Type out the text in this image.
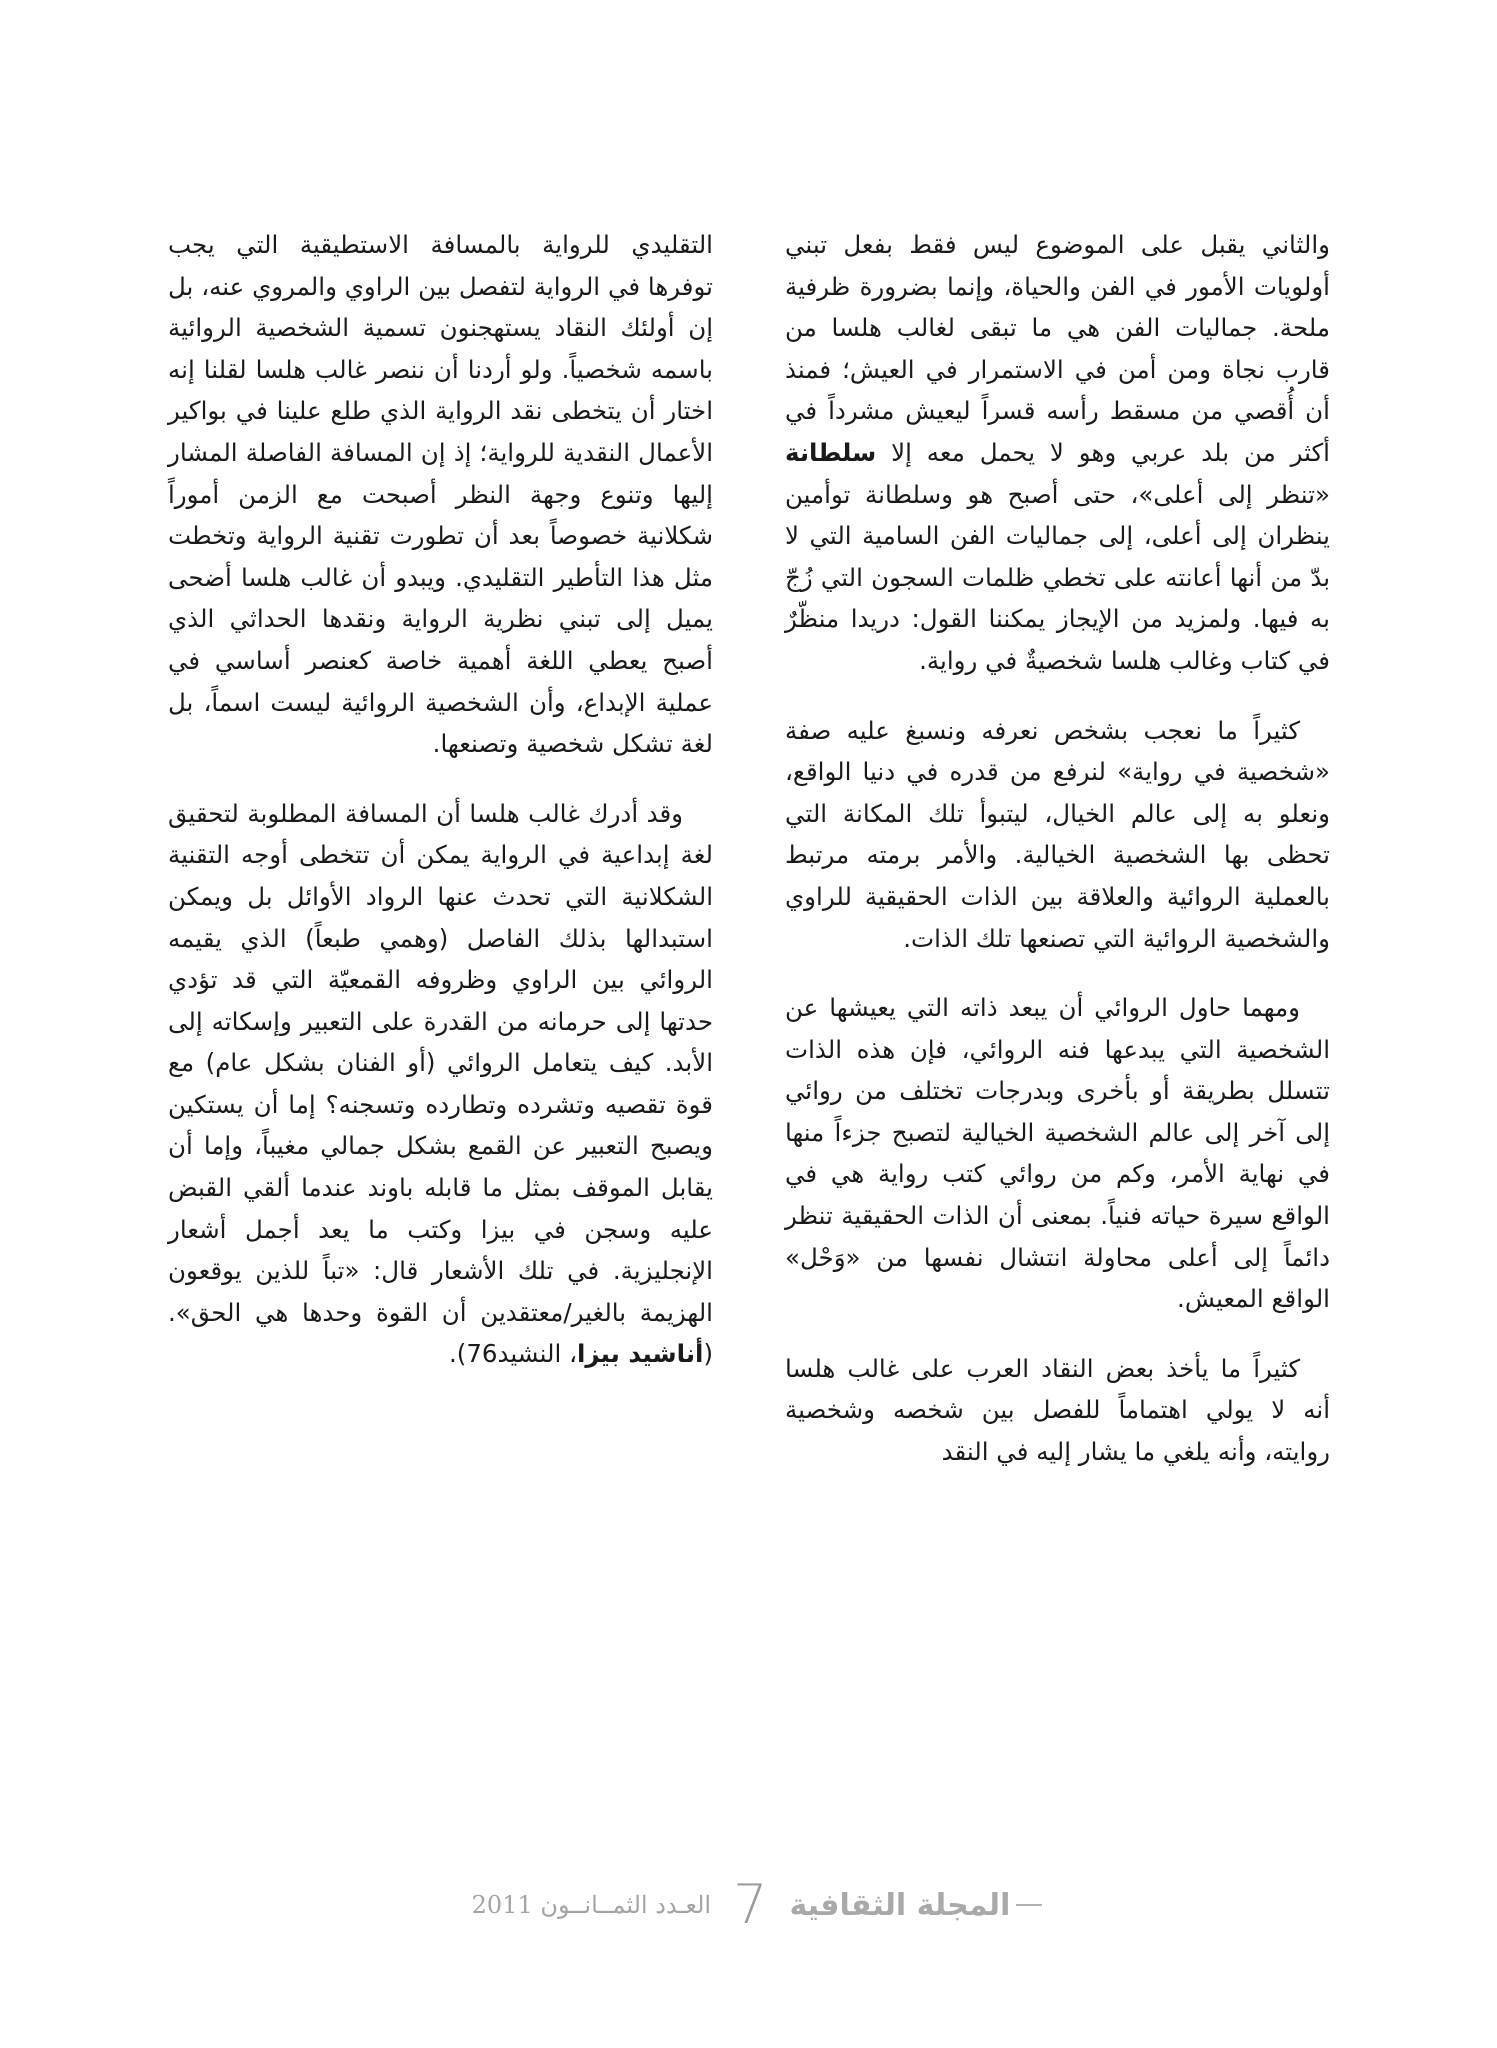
والثاني يقبل على الموضوع ليس فقط بفعل تبني أولويات الأمور في الفن والحياة، وإنما بضرورة ظرفية ملحة. جماليات الفن هي ما تبقى لغالب هلسا من قارب نجاة ومن أمن في الاستمرار في العيش؛ فمنذ أن أُقصي من مسقط رأسه قسراً ليعيش مشرداً في أكثر من بلد عربي وهو لا يحمل معه إلا سلطانة «تنظر إلى أعلى»، حتى أصبح هو وسلطانة توأمين ينظران إلى أعلى، إلى جماليات الفن السامية التي لا بدّ من أنها أعانته على تخطي ظلمات السجون التي زُجّ به فيها. ولمزيد من الإيجاز يمكننا القول: دريدا منظّرٌ في كتاب وغالب هلسا شخصيةٌ في رواية.

كثيراً ما نعجب بشخص نعرفه ونسبغ عليه صفة «شخصية في رواية» لنرفع من قدره في دنيا الواقع، ونعلو به إلى عالم الخيال، ليتبوأ تلك المكانة التي تحظى بها الشخصية الخيالية. والأمر برمته مرتبط بالعملية الروائية والعلاقة بين الذات الحقيقية للراوي والشخصية الروائية التي تصنعها تلك الذات.

ومهما حاول الروائي أن يبعد ذاته التي يعيشها عن الشخصية التي يبدعها فنه الروائي، فإن هذه الذات تتسلل بطريقة أو بأخرى وبدرجات تختلف من روائي إلى آخر إلى عالم الشخصية الخيالية لتصبح جزءاً منها في نهاية الأمر، وكم من روائي كتب رواية هي في الواقع سيرة حياته فنياً. بمعنى أن الذات الحقيقية تنظر دائماً إلى أعلى محاولة انتشال نفسها من «وَحْل» الواقع المعيش.

كثيراً ما يأخذ بعض النقاد العرب على غالب هلسا أنه لا يولي اهتماماً للفصل بين شخصه وشخصية روايته، وأنه يلغي ما يشار إليه في النقد

التقليدي للرواية بالمسافة الاستطيقية التي يجب توفرها في الرواية لتفصل بين الراوي والمروي عنه، بل إن أولئك النقاد يستهجنون تسمية الشخصية الروائية باسمه شخصياً. ولو أردنا أن ننصر غالب هلسا لقلنا إنه اختار أن يتخطى نقد الرواية الذي طلع علينا في بواكير الأعمال النقدية للرواية؛ إذ إن المسافة الفاصلة المشار إليها وتنوع وجهة النظر أصبحت مع الزمن أموراً شكلانية خصوصاً بعد أن تطورت تقنية الرواية وتخطت مثل هذا التأطير التقليدي. ويبدو أن غالب هلسا أضحى يميل إلى تبني نظرية الرواية ونقدها الحداثي الذي أصبح يعطي اللغة أهمية خاصة كعنصر أساسي في عملية الإبداع، وأن الشخصية الروائية ليست اسماً، بل لغة تشكل شخصية وتصنعها.

وقد أدرك غالب هلسا أن المسافة المطلوبة لتحقيق لغة إبداعية في الرواية يمكن أن تتخطى أوجه التقنية الشكلانية التي تحدث عنها الرواد الأوائل بل ويمكن استبدالها بذلك الفاصل (وهمي طبعاً) الذي يقيمه الروائي بين الراوي وظروفه القمعيّة التي قد تؤدي حدتها إلى حرمانه من القدرة على التعبير وإسكاته إلى الأبد. كيف يتعامل الروائي (أو الفنان بشكل عام) مع قوة تقصيه وتشرده وتطارده وتسجنه؟ إما أن يستكين ويصبح التعبير عن القمع بشكل جمالي مغيباً، وإما أن يقابل الموقف بمثل ما قابله باوند عندما ألقي القبض عليه وسجن في بيزا وكتب ما يعد أجمل أشعار الإنجليزية. في تلك الأشعار قال: «تباً للذين يوقعون الهزيمة بالغير/معتقدين أن القوة وحدها هي الحق». (أناشيد بيزا، النشيد76).

المجلة الثقافية
7
العـدد الثمــانــون 2011
